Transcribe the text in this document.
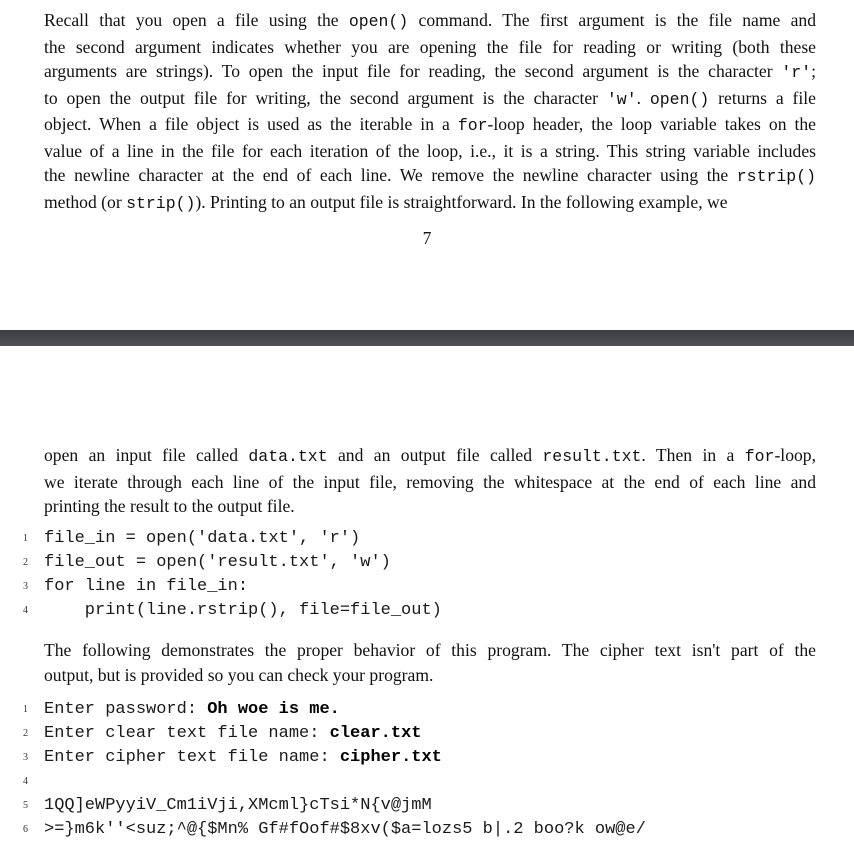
Recall that you open a file using the open() command. The first argument is the file name and
the second argument indicates whether you are opening the file for reading or writing (both these
arguments are strings). To open the input file for reading, the second argument is the character 'r';
to open the output file for writing, the second argument is the character 'w'. open() returns a file
object. When a file object is used as the iterable in a for-loop header, the loop variable takes on the
value of a line in the file for each iteration of the loop, i.e., it is a string. This string variable includes
the newline character at the end of each line. We remove the newline character using the rstrip()
method (or strip()). Printing to an output file is straightforward. In the following example, we

7

open an input file called data.txt and an output file called result.txt. Then in a for-loop,
we iterate through each line of the input file, removing the whitespace at the end of each line and
printing the result to the output file.

1 file_in = open('data.txt', 'r')
2 file_out = open('result.txt', 'w')
3 for line in file_in:
4 print(line.rstrip(), file=file_out)

The following demonstrates the proper behavior of this program. The cipher text isn't part of the
output, but is provided so you can check your program.

1 Enter password: Oh woe is me.
2 Enter clear text file name: clear.txt
3 Enter cipher text file name: cipher.txt
4
5 1QQ]eWPyyiV_Cm1iVji,XMcml}cTsi*N{v@jmM
6 >=}m6k''<suz;^@{$Mn% Gf#fOof#$8xv($a=lozs5 b|.2 boo?k ow@e/
